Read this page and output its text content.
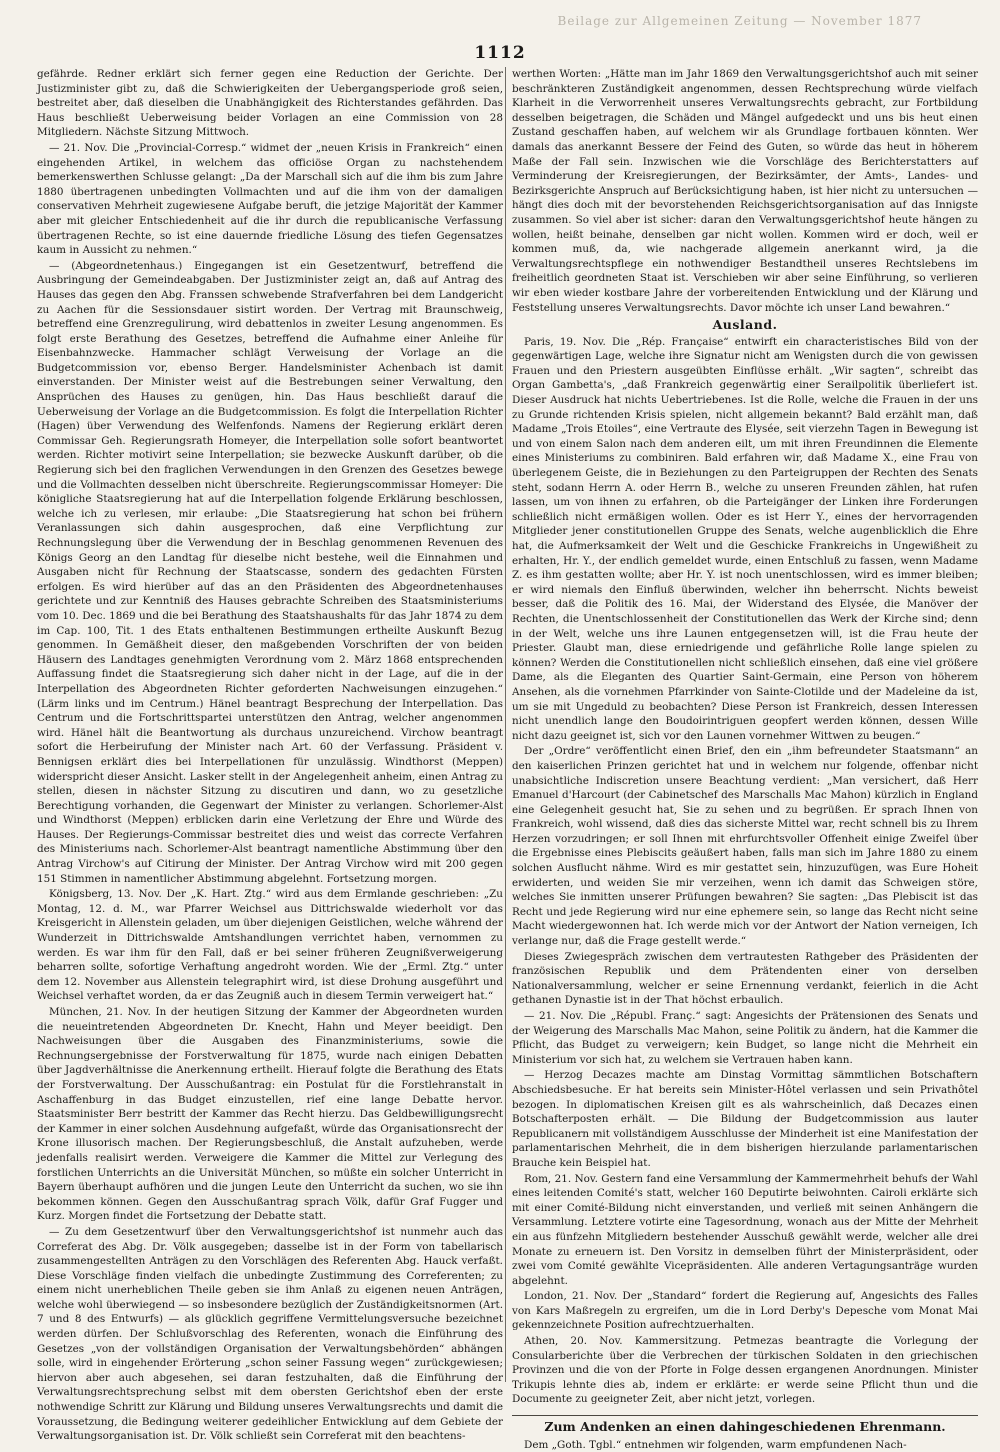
Beilage zur Allgemeinen Zeitung — November 1877
1112

gefährde. Redner erklärt sich ferner gegen eine Reduction der Gerichte. Der Justizminister gibt zu, daß die Schwierigkeiten der Uebergangsperiode groß seien, bestreitet aber, daß dieselben die Unabhängigkeit des Richterstandes gefährden. Das Haus beschließt Ueberweisung beider Vorlagen an eine Commission von 28 Mitgliedern. Nächste Sitzung Mittwoch.

— 21. Nov. Die „Provincial-Corresp.“ widmet der „neuen Krisis in Frankreich“ einen eingehenden Artikel, in welchem das officiöse Organ zu nachstehendem bemerkenswerthen Schlusse gelangt: „Da der Marschall sich auf die ihm bis zum Jahre 1880 übertragenen unbedingten Vollmachten und auf die ihm von der damaligen conservativen Mehrheit zugewiesene Aufgabe beruft, die jetzige Majorität der Kammer aber mit gleicher Entschiedenheit auf die ihr durch die republicanische Verfassung übertragenen Rechte, so ist eine dauernde friedliche Lösung des tiefen Gegensatzes kaum in Aussicht zu nehmen.“

— (Abgeordnetenhaus.) Eingegangen ist ein Gesetzentwurf, betreffend die Ausbringung der Gemeindeabgaben. Der Justizminister zeigt an, daß auf Antrag des Hauses das gegen den Abg. Franssen schwebende Strafverfahren bei dem Landgericht zu Aachen für die Sessionsdauer sistirt worden. Der Vertrag mit Braunschweig, betreffend eine Grenzregulirung, wird debattenlos in zweiter Lesung angenommen. Es folgt erste Berathung des Gesetzes, betreffend die Aufnahme einer Anleihe für Eisenbahnzwecke. Hammacher schlägt Verweisung der Vorlage an die Budgetcommission vor, ebenso Berger. Handelsminister Achenbach ist damit einverstanden. Der Minister weist auf die Bestrebungen seiner Verwaltung, den Ansprüchen des Hauses zu genügen, hin. Das Haus beschließt darauf die Ueberweisung der Vorlage an die Budgetcommission. Es folgt die Interpellation Richter (Hagen) über Verwendung des Welfenfonds. Namens der Regierung erklärt deren Commissar Geh. Regierungsrath Homeyer, die Interpellation solle sofort beantwortet werden. Richter motivirt seine Interpellation; sie bezwecke Auskunft darüber, ob die Regierung sich bei den fraglichen Verwendungen in den Grenzen des Gesetzes bewege und die Vollmachten desselben nicht überschreite. Regierungscommissar Homeyer: Die königliche Staatsregierung hat auf die Interpellation folgende Erklärung beschlossen, welche ich zu verlesen, mir erlaube: „Die Staatsregierung hat schon bei frühern Veranlassungen sich dahin ausgesprochen, daß eine Verpflichtung zur Rechnungslegung über die Verwendung der in Beschlag genommenen Revenuen des Königs Georg an den Landtag für dieselbe nicht bestehe, weil die Einnahmen und Ausgaben nicht für Rechnung der Staatscasse, sondern des gedachten Fürsten erfolgen. Es wird hierüber auf das an den Präsidenten des Abgeordnetenhauses gerichtete und zur Kenntniß des Hauses gebrachte Schreiben des Staatsministeriums vom 10. Dec. 1869 und die bei Berathung des Staatshaushalts für das Jahr 1874 zu dem im Cap. 100, Tit. 1 des Etats enthaltenen Bestimmungen ertheilte Auskunft Bezug genommen. In Gemäßheit dieser, den maßgebenden Vorschriften der von beiden Häusern des Landtages genehmigten Verordnung vom 2. März 1868 entsprechenden Auffassung findet die Staatsregierung sich daher nicht in der Lage, auf die in der Interpellation des Abgeordneten Richter geforderten Nachweisungen einzugehen.“ (Lärm links und im Centrum.) Hänel beantragt Besprechung der Interpellation. Das Centrum und die Fortschrittspartei unterstützen den Antrag, welcher angenommen wird. Hänel hält die Beantwortung als durchaus unzureichend. Virchow beantragt sofort die Herbeirufung der Minister nach Art. 60 der Verfassung. Präsident v. Bennigsen erklärt dies bei Interpellationen für unzulässig. Windthorst (Meppen) widerspricht dieser Ansicht. Lasker stellt in der Angelegenheit anheim, einen Antrag zu stellen, diesen in nächster Sitzung zu discutiren und dann, wo zu gesetzliche Berechtigung vorhanden, die Gegenwart der Minister zu verlangen. Schorlemer-Alst und Windthorst (Meppen) erblicken darin eine Verletzung der Ehre und Würde des Hauses. Der Regierungs-Commissar bestreitet dies und weist das correcte Verfahren des Ministeriums nach. Schorlemer-Alst beantragt namentliche Abstimmung über den Antrag Virchow's auf Citirung der Minister. Der Antrag Virchow wird mit 200 gegen 151 Stimmen in namentlicher Abstimmung abgelehnt. Fortsetzung morgen.

Königsberg, 13. Nov. Der „K. Hart. Ztg.“ wird aus dem Ermlande geschrieben: „Zu Montag, 12. d. M., war Pfarrer Weichsel aus Dittrichswalde wiederholt vor das Kreisgericht in Allenstein geladen, um über diejenigen Geistlichen, welche während der Wunderzeit in Dittrichswalde Amtshandlungen verrichtet haben, vernommen zu werden. Es war ihm für den Fall, daß er bei seiner früheren Zeugnißverweigerung beharren sollte, sofortige Verhaftung angedroht worden. Wie der „Erml. Ztg.“ unter dem 12. November aus Allenstein telegraphirt wird, ist diese Drohung ausgeführt und Weichsel verhaftet worden, da er das Zeugniß auch in diesem Termin verweigert hat.“

München, 21. Nov. In der heutigen Sitzung der Kammer der Abgeordneten wurden die neueintretenden Abgeordneten Dr. Knecht, Hahn und Meyer beeidigt. Den Nachweisungen über die Ausgaben des Finanzministeriums, sowie die Rechnungsergebnisse der Forstverwaltung für 1875, wurde nach einigen Debatten über Jagdverhältnisse die Anerkennung ertheilt. Hierauf folgte die Berathung des Etats der Forstverwaltung. Der Ausschußantrag: ein Postulat für die Forstlehranstalt in Aschaffenburg in das Budget einzustellen, rief eine lange Debatte hervor. Staatsminister Berr bestritt der Kammer das Recht hierzu. Das Geldbewilligungsrecht der Kammer in einer solchen Ausdehnung aufgefaßt, würde das Organisationsrecht der Krone illusorisch machen. Der Regierungsbeschluß, die Anstalt aufzuheben, werde jedenfalls realisirt werden. Verweigere die Kammer die Mittel zur Verlegung des forstlichen Unterrichts an die Universität München, so müßte ein solcher Unterricht in Bayern überhaupt aufhören und die jungen Leute den Unterricht da suchen, wo sie ihn bekommen können. Gegen den Ausschußantrag sprach Völk, dafür Graf Fugger und Kurz. Morgen findet die Fortsetzung der Debatte statt.

— Zu dem Gesetzentwurf über den Verwaltungsgerichtshof ist nunmehr auch das Correferat des Abg. Dr. Völk ausgegeben; dasselbe ist in der Form von tabellarisch zusammengestellten Anträgen zu den Vorschlägen des Referenten Abg. Hauck verfaßt. Diese Vorschläge finden vielfach die unbedingte Zustimmung des Correferenten; zu einem nicht unerheblichen Theile geben sie ihm Anlaß zu eigenen neuen Anträgen, welche wohl überwiegend — so insbesondere bezüglich der Zuständigkeitsnormen (Art. 7 und 8 des Entwurfs) — als glücklich gegriffene Vermittelungsversuche bezeichnet werden dürfen. Der Schlußvorschlag des Referenten, wonach die Einführung des Gesetzes „von der vollständigen Organisation der Verwaltungsbehörden“ abhängen solle, wird in eingehender Erörterung „schon seiner Fassung wegen“ zurückgewiesen; hiervon aber auch abgesehen, sei daran festzuhalten, daß die Einführung der Verwaltungsrechtsprechung selbst mit dem obersten Gerichtshof eben der erste nothwendige Schritt zur Klärung und Bildung unseres Verwaltungsrechts und damit die Voraussetzung, die Bedingung weiterer gedeihlicher Entwicklung auf dem Gebiete der Verwaltungsorganisation ist. Dr. Völk schließt sein Correferat mit den beachtens-

werthen Worten: „Hätte man im Jahr 1869 den Verwaltungsgerichtshof auch mit seiner beschränkteren Zuständigkeit angenommen, dessen Rechtsprechung würde vielfach Klarheit in die Verworrenheit unseres Verwaltungsrechts gebracht, zur Fortbildung desselben beigetragen, die Schäden und Mängel aufgedeckt und uns bis heut einen Zustand geschaffen haben, auf welchem wir als Grundlage fortbauen könnten. Wer damals das anerkannt Bessere der Feind des Guten, so würde das heut in höherem Maße der Fall sein. Inzwischen wie die Vorschläge des Berichterstatters auf Verminderung der Kreisregierungen, der Bezirksämter, der Amts-, Landes- und Bezirksgerichte Anspruch auf Berücksichtigung haben, ist hier nicht zu untersuchen — hängt dies doch mit der bevorstehenden Reichsgerichtsorganisation auf das Innigste zusammen. So viel aber ist sicher: daran den Verwaltungsgerichtshof heute hängen zu wollen, heißt beinahe, denselben gar nicht wollen. Kommen wird er doch, weil er kommen muß, da, wie nachgerade allgemein anerkannt wird, ja die Verwaltungsrechtspflege ein nothwendiger Bestandtheil unseres Rechtslebens im freiheitlich geordneten Staat ist. Verschieben wir aber seine Einführung, so verlieren wir eben wieder kostbare Jahre der vorbereitenden Entwicklung und der Klärung und Feststellung unseres Verwaltungsrechts. Davor möchte ich unser Land bewahren.“

Ausland.

Paris, 19. Nov. Die „Rép. Française“ entwirft ein characteristisches Bild von der gegenwärtigen Lage, welche ihre Signatur nicht am Wenigsten durch die von gewissen Frauen und den Priestern ausgeübten Einflüsse erhält. „Wir sagten“, schreibt das Organ Gambetta's, „daß Frankreich gegenwärtig einer Serailpolitik überliefert ist. Dieser Ausdruck hat nichts Uebertriebenes. Ist die Rolle, welche die Frauen in der uns zu Grunde richtenden Krisis spielen, nicht allgemein bekannt? Bald erzählt man, daß Madame „Trois Etoiles“, eine Vertraute des Elysée, seit vierzehn Tagen in Bewegung ist und von einem Salon nach dem anderen eilt, um mit ihren Freundinnen die Elemente eines Ministeriums zu combiniren. Bald erfahren wir, daß Madame X., eine Frau von überlegenem Geiste, die in Beziehungen zu den Parteigruppen der Rechten des Senats steht, sodann Herrn A. oder Herrn B., welche zu unseren Freunden zählen, hat rufen lassen, um von ihnen zu erfahren, ob die Parteigänger der Linken ihre Forderungen schließlich nicht ermäßigen wollen. Oder es ist Herr Y., eines der hervorragenden Mitglieder jener constitutionellen Gruppe des Senats, welche augenblicklich die Ehre hat, die Aufmerksamkeit der Welt und die Geschicke Frankreichs in Ungewißheit zu erhalten, Hr. Y., der endlich gemeldet wurde, einen Entschluß zu fassen, wenn Madame Z. es ihm gestatten wollte; aber Hr. Y. ist noch unentschlossen, wird es immer bleiben; er wird niemals den Einfluß überwinden, welcher ihn beherrscht. Nichts beweist besser, daß die Politik des 16. Mai, der Widerstand des Elysée, die Manöver der Rechten, die Unentschlossenheit der Constitutionellen das Werk der Kirche sind; denn in der Welt, welche uns ihre Launen entgegensetzen will, ist die Frau heute der Priester. Glaubt man, diese erniedrigende und gefährliche Rolle lange spielen zu können? Werden die Constitutionellen nicht schließlich einsehen, daß eine viel größere Dame, als die Eleganten des Quartier Saint-Germain, eine Person von höherem Ansehen, als die vornehmen Pfarrkinder von Sainte-Clotilde und der Madeleine da ist, um sie mit Ungeduld zu beobachten? Diese Person ist Frankreich, dessen Interessen nicht unendlich lange den Boudoirintriguen geopfert werden können, dessen Wille nicht dazu geeignet ist, sich vor den Launen vornehmer Wittwen zu beugen.“

Der „Ordre“ veröffentlicht einen Brief, den ein „ihm befreundeter Staatsmann“ an den kaiserlichen Prinzen gerichtet hat und in welchem nur folgende, offenbar nicht unabsichtliche Indiscretion unsere Beachtung verdient: „Man versichert, daß Herr Emanuel d'Harcourt (der Cabinetschef des Marschalls Mac Mahon) kürzlich in England eine Gelegenheit gesucht hat, Sie zu sehen und zu begrüßen. Er sprach Ihnen von Frankreich, wohl wissend, daß dies das sicherste Mittel war, recht schnell bis zu Ihrem Herzen vorzudringen; er soll Ihnen mit ehrfurchtsvoller Offenheit einige Zweifel über die Ergebnisse eines Plebiscits geäußert haben, falls man sich im Jahre 1880 zu einem solchen Ausflucht nähme. Wird es mir gestattet sein, hinzuzufügen, was Eure Hoheit erwiderten, und weiden Sie mir verzeihen, wenn ich damit das Schweigen störe, welches Sie inmitten unserer Prüfungen bewahren? Sie sagten: „Das Plebiscit ist das Recht und jede Regierung wird nur eine ephemere sein, so lange das Recht nicht seine Macht wiedergewonnen hat. Ich werde mich vor der Antwort der Nation verneigen, Ich verlange nur, daß die Frage gestellt werde.“

Dieses Zwiegespräch zwischen dem vertrautesten Rathgeber des Präsidenten der französischen Republik und dem Prätendenten einer von derselben Nationalversammlung, welcher er seine Ernennung verdankt, feierlich in die Acht gethanen Dynastie ist in der That höchst erbaulich.

— 21. Nov. Die „Républ. Franç.“ sagt: Angesichts der Prätensionen des Senats und der Weigerung des Marschalls Mac Mahon, seine Politik zu ändern, hat die Kammer die Pflicht, das Budget zu verweigern; kein Budget, so lange nicht die Mehrheit ein Ministerium vor sich hat, zu welchem sie Vertrauen haben kann.

— Herzog Decazes machte am Dinstag Vormittag sämmtlichen Botschaftern Abschiedsbesuche. Er hat bereits sein Minister-Hôtel verlassen und sein Privathôtel bezogen. In diplomatischen Kreisen gilt es als wahrscheinlich, daß Decazes einen Botschafterposten erhält. — Die Bildung der Budgetcommission aus lauter Republicanern mit vollständigem Ausschlusse der Minderheit ist eine Manifestation der parlamentarischen Mehrheit, die in dem bisherigen hierzulande parlamentarischen Brauche kein Beispiel hat.

Rom, 21. Nov. Gestern fand eine Versammlung der Kammermehrheit behufs der Wahl eines leitenden Comité's statt, welcher 160 Deputirte beiwohnten. Cairoli erklärte sich mit einer Comité-Bildung nicht einverstanden, und verließ mit seinen Anhängern die Versammlung. Letztere votirte eine Tagesordnung, wonach aus der Mitte der Mehrheit ein aus fünfzehn Mitgliedern bestehender Ausschuß gewählt werde, welcher alle drei Monate zu erneuern ist. Den Vorsitz in demselben führt der Ministerpräsident, oder zwei vom Comité gewählte Vicepräsidenten. Alle anderen Vertagungsanträge wurden abgelehnt.

London, 21. Nov. Der „Standard“ fordert die Regierung auf, Angesichts des Falles von Kars Maßregeln zu ergreifen, um die in Lord Derby's Depesche vom Monat Mai gekennzeichnete Position aufrechtzuerhalten.

Athen, 20. Nov. Kammersitzung. Petmezas beantragte die Vorlegung der Consularberichte über die Verbrechen der türkischen Soldaten in den griechischen Provinzen und die von der Pforte in Folge dessen ergangenen Anordnungen. Minister Trikupis lehnte dies ab, indem er erklärte: er werde seine Pflicht thun und die Documente zu geeigneter Zeit, aber nicht jetzt, vorlegen.

Zum Andenken an einen dahingeschiedenen Ehrenmann.

Dem „Goth. Tgbl.“ entnehmen wir folgenden, warm empfundenen Nach-
